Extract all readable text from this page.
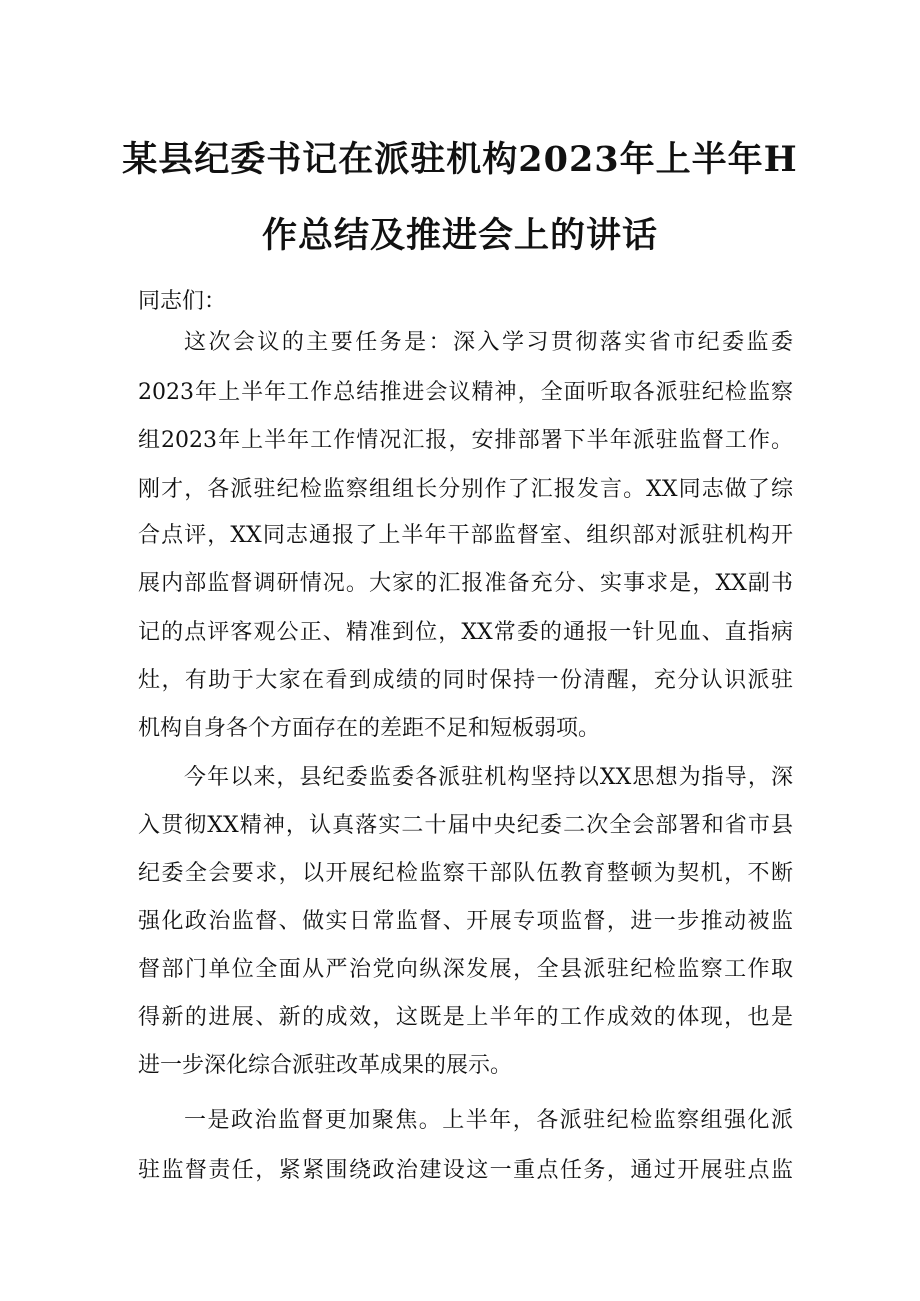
某县纪委书记在派驻机构2023年上半年H
作总结及推进会上的讲话
同志们：
这次会议的主要任务是：深入学习贯彻落实省市纪委监委
2023年上半年工作总结推进会议精神，全面听取各派驻纪检监察
组2023年上半年工作情况汇报，安排部署下半年派驻监督工作。
刚才，各派驻纪检监察组组长分别作了汇报发言。XX同志做了综
合点评，XX同志通报了上半年干部监督室、组织部对派驻机构开
展内部监督调研情况。大家的汇报准备充分、实事求是，XX副书
记的点评客观公正、精准到位，XX常委的通报一针见血、直指病
灶，有助于大家在看到成绩的同时保持一份清醒，充分认识派驻
机构自身各个方面存在的差距不足和短板弱项。
今年以来，县纪委监委各派驻机构坚持以XX思想为指导，深
入贯彻XX精神，认真落实二十届中央纪委二次全会部署和省市县
纪委全会要求，以开展纪检监察干部队伍教育整顿为契机，不断
强化政治监督、做实日常监督、开展专项监督，进一步推动被监
督部门单位全面从严治党向纵深发展，全县派驻纪检监察工作取
得新的进展、新的成效，这既是上半年的工作成效的体现，也是
进一步深化综合派驻改革成果的展示。
一是政治监督更加聚焦。上半年，各派驻纪检监察组强化派
驻监督责任，紧紧围绕政治建设这一重点任务，通过开展驻点监
